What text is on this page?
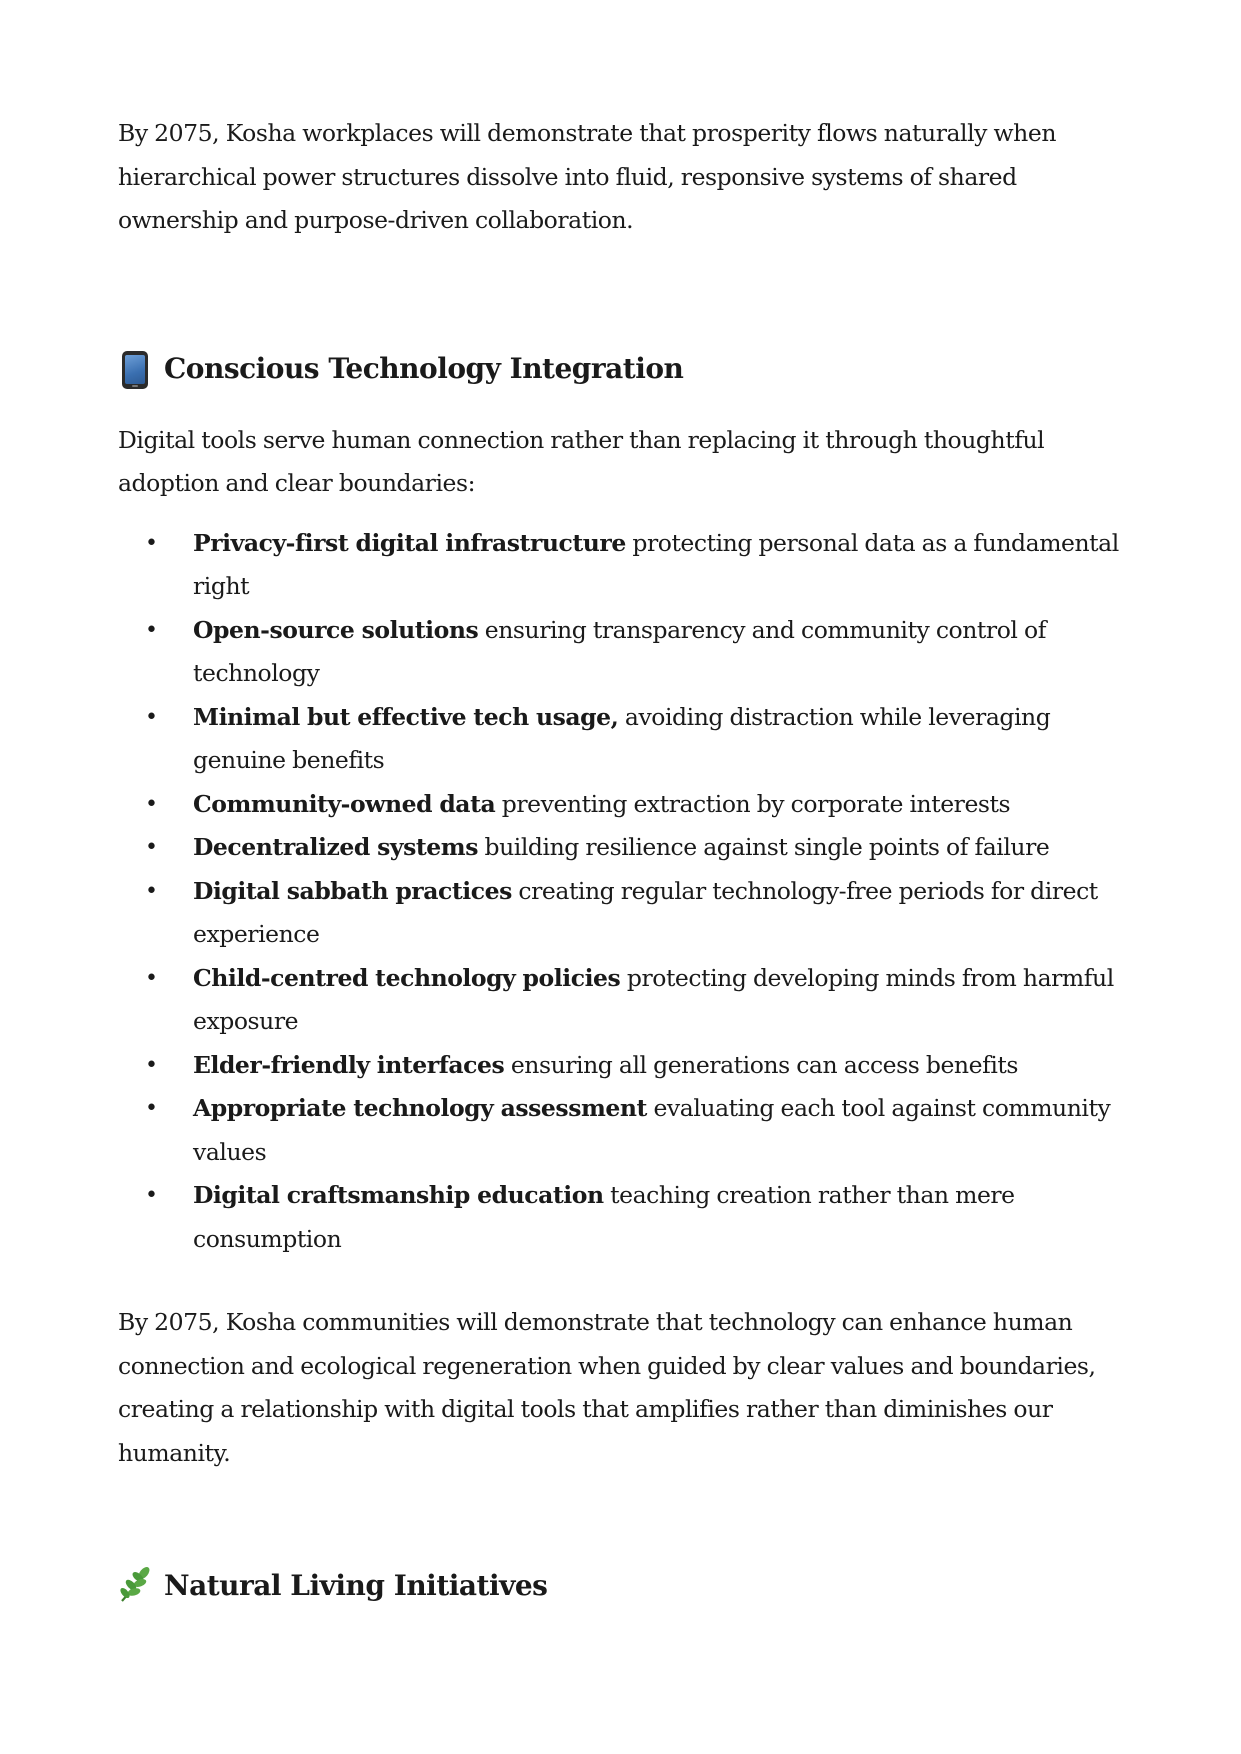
By 2075, Kosha workplaces will demonstrate that prosperity flows naturally when hierarchical power structures dissolve into fluid, responsive systems of shared ownership and purpose-driven collaboration.

Conscious Technology Integration

Digital tools serve human connection rather than replacing it through thoughtful adoption and clear boundaries:

• Privacy-first digital infrastructure protecting personal data as a fundamental right
• Open-source solutions ensuring transparency and community control of technology
• Minimal but effective tech usage, avoiding distraction while leveraging genuine benefits
• Community-owned data preventing extraction by corporate interests
• Decentralized systems building resilience against single points of failure
• Digital sabbath practices creating regular technology-free periods for direct experience
• Child-centred technology policies protecting developing minds from harmful exposure
• Elder-friendly interfaces ensuring all generations can access benefits
• Appropriate technology assessment evaluating each tool against community values
• Digital craftsmanship education teaching creation rather than mere consumption

By 2075, Kosha communities will demonstrate that technology can enhance human connection and ecological regeneration when guided by clear values and boundaries, creating a relationship with digital tools that amplifies rather than diminishes our humanity.

Natural Living Initiatives
